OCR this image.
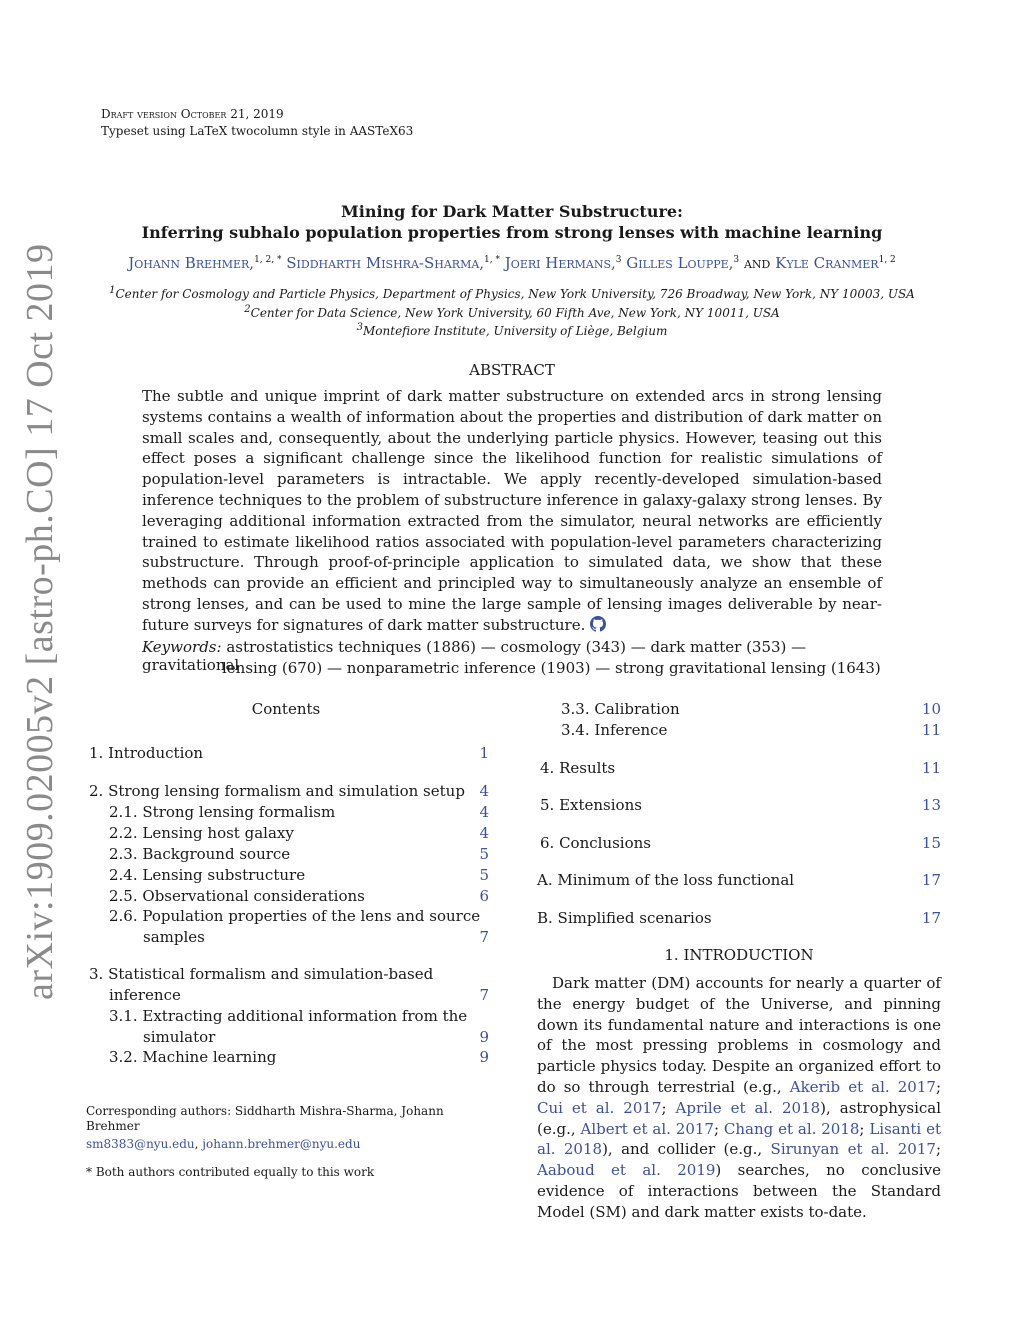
Draft version October 21, 2019
Typeset using LaTeX twocolumn style in AASTeX63
arXiv:1909.02005v2 [astro-ph.CO] 17 Oct 2019
Mining for Dark Matter Substructure:
Inferring subhalo population properties from strong lenses with machine learning
Johann Brehmer,$^{1, 2, *}$ Siddharth Mishra-Sharma,$^{1, *}$ Joeri Hermans,$^3$ Gilles Louppe,$^3$ and Kyle Cranmer$^{1, 2}$
$^1$Center for Cosmology and Particle Physics, Department of Physics, New York University, 726 Broadway, New York, NY 10003, USA
$^2$Center for Data Science, New York University, 60 Fifth Ave, New York, NY 10011, USA
$^3$Montefiore Institute, University of Liège, Belgium
ABSTRACT
The subtle and unique imprint of dark matter substructure on extended arcs in strong lensing systems contains a wealth of information about the properties and distribution of dark matter on small scales and, consequently, about the underlying particle physics. However, teasing out this effect poses a significant challenge since the likelihood function for realistic simulations of population-level parameters is intractable. We apply recently-developed simulation-based inference techniques to the problem of substructure inference in galaxy-galaxy strong lenses. By leveraging additional information extracted from the simulator, neural networks are efficiently trained to estimate likelihood ratios associated with population-level parameters characterizing substructure. Through proof-of-principle application to simulated data, we show that these methods can provide an efficient and principled way to simultaneously analyze an ensemble of strong lenses, and can be used to mine the large sample of lensing images deliverable by near-future surveys for signatures of dark matter substructure.
Keywords: astrostatistics techniques (1886) — cosmology (343) — dark matter (353) — gravitational
lensing (670) — nonparametric inference (1903) — strong gravitational lensing (1643)
Contents
1. Introduction	1
2. Strong lensing formalism and simulation setup 4
2.1. Strong lensing formalism	4
2.2. Lensing host galaxy	4
2.3. Background source	5
2.4. Lensing substructure	5
2.5. Observational considerations	6
2.6. Population properties of the lens and source
samples	7
3. Statistical formalism and simulation-based
inference	7
3.1. Extracting additional information from the
simulator	9
3.2. Machine learning	9
3.3. Calibration	10
3.4. Inference	11
4. Results	11
5. Extensions	13
6. Conclusions	15
A. Minimum of the loss functional	17
B. Simplified scenarios	17
Corresponding authors: Siddharth Mishra-Sharma, Johann Brehmer
sm8383@nyu.edu, johann.brehmer@nyu.edu
* Both authors contributed equally to this work
1. INTRODUCTION
Dark matter (DM) accounts for nearly a quarter of the energy budget of the Universe, and pinning down its fundamental nature and interactions is one of the most pressing problems in cosmology and particle physics today. Despite an organized effort to do so through terrestrial (e.g., Akerib et al. 2017; Cui et al. 2017; Aprile et al. 2018), astrophysical (e.g., Albert et al. 2017; Chang et al. 2018; Lisanti et al. 2018), and collider (e.g., Sirunyan et al. 2017; Aaboud et al. 2019) searches, no conclusive evidence of interactions between the Standard Model (SM) and dark matter exists to-date.
